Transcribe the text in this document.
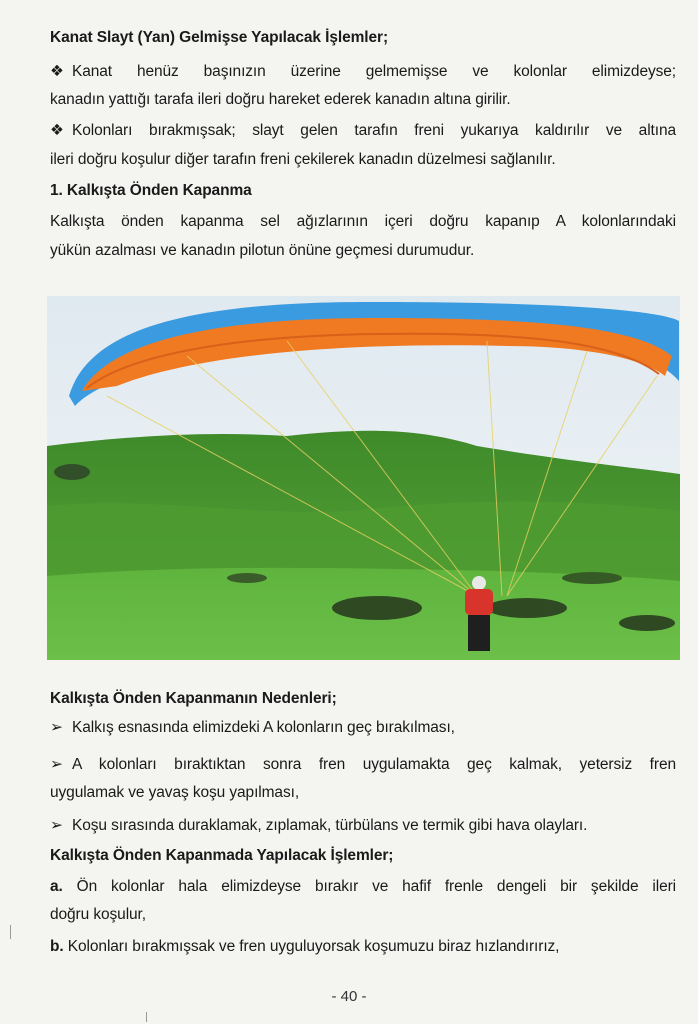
Kanat Slayt (Yan) Gelmişse Yapılacak İşlemler;
❖ Kanat henüz başınızın üzerine gelmemişse ve kolonlar elimizdeyse;
kanadın yattığı tarafa ileri doğru hareket ederek kanadın altına girilir.
❖ Kolonları bırakmışsak; slayt gelen tarafın freni yukarıya kaldırılır ve altına
ileri doğru koşulur diğer tarafın freni çekilerek kanadın düzelmesi sağlanılır.
1. Kalkışta Önden Kapanma
Kalkışta önden kapanma sel ağızlarının içeri doğru kapanıp A kolonlarındaki
yükün azalması ve kanadın pilotun önüne geçmesi durumudur.
Kalkışta Önden Kapanmanın Nedenleri;
➢ Kalkış esnasında elimizdeki A kolonların geç bırakılması,
➢ A kolonları bıraktıktan sonra fren uygulamakta geç kalmak, yetersiz fren
uygulamak ve yavaş koşu yapılması,
➢ Koşu sırasında duraklamak, zıplamak, türbülans ve termik gibi hava olayları.
Kalkışta Önden Kapanmada Yapılacak İşlemler;
a. Ön kolonlar hala elimizdeyse bırakır ve hafif frenle dengeli bir şekilde ileri
doğru koşulur,
b. Kolonları bırakmışsak ve fren uyguluyorsak koşumuzu biraz hızlandırırız,
- 40 -
